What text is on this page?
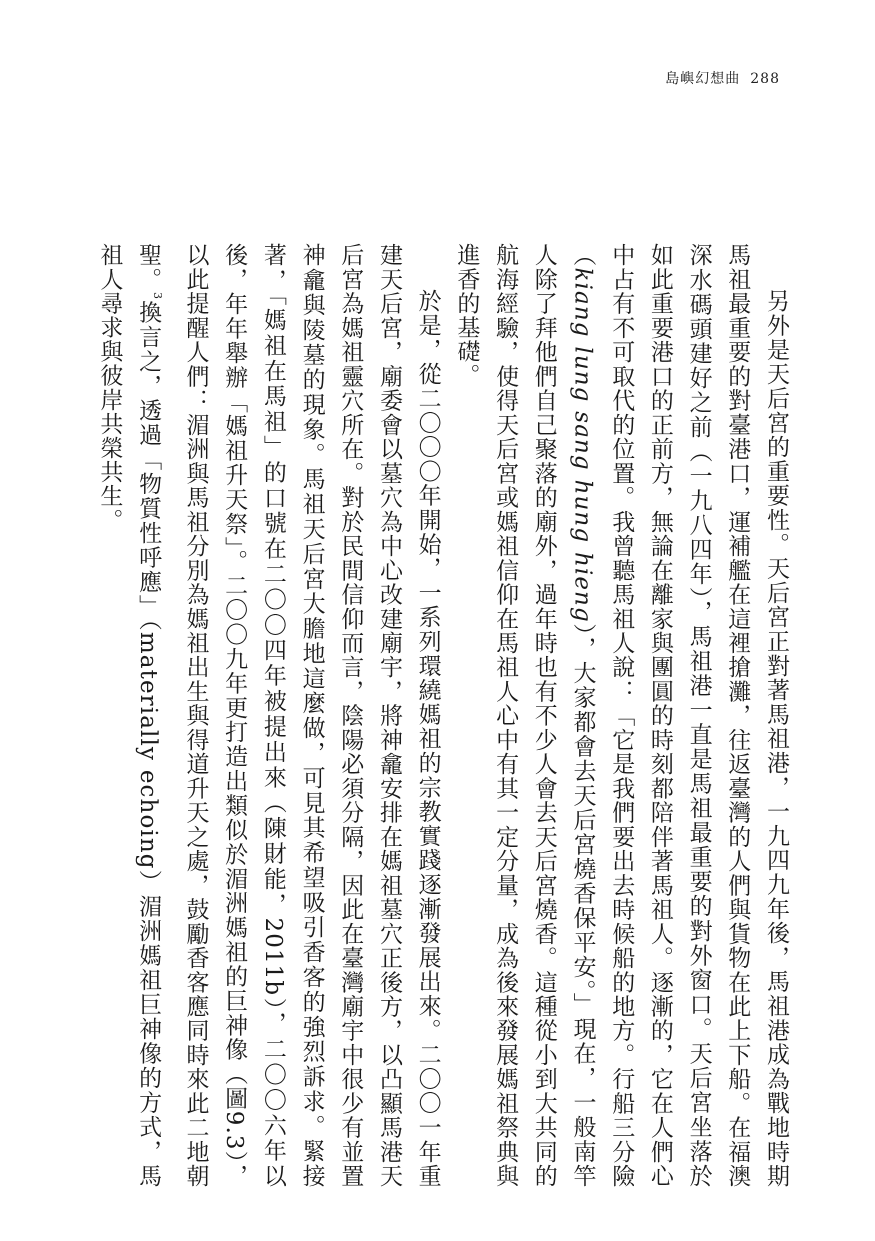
島嶼幻想曲 288

另外是天后宮的重要性。天后宮正對著馬祖港，一九四九年後，馬祖港成為戰地時期馬祖最重要的對臺港口，運補艦在這裡搶灘，往返臺灣的人們與貨物在此上下船。在福澳深水碼頭建好之前（一九八四年），馬祖港一直是馬祖最重要的對外窗口。天后宮坐落於如此重要港口的正前方，無論在離家與團圓的時刻都陪伴著馬祖人。逐漸的，它在人們心中占有不可取代的位置。我曾聽馬祖人說：「它是我們要出去時候船的地方。行船三分險（kiang lung sang hung hieng），大家都會去天后宮燒香保平安。」現在，一般南竿人除了拜他們自己聚落的廟外，過年時也有不少人會去天后宮燒香。這種從小到大共同的航海經驗，使得天后宮或媽祖信仰在馬祖人心中有其一定分量，成為後來發展媽祖祭典與進香的基礎。

於是，從二〇〇〇年開始，一系列環繞媽祖的宗教實踐逐漸發展出來。二〇〇一年重建天后宮，廟委會以墓穴為中心改建廟宇，將神龕安排在媽祖墓穴正後方，以凸顯馬港天后宮為媽祖靈穴所在。對於民間信仰而言，陰陽必須分隔，因此在臺灣廟宇中很少有並置神龕與陵墓的現象。馬祖天后宮大膽地這麼做，可見其希望吸引香客的強烈訴求。緊接著，「媽祖在馬祖」的口號在二〇〇四年被提出來（陳財能，2011b），二〇〇六年以後，年年舉辦「媽祖升天祭」。二〇〇九年更打造出類似於湄洲媽祖的巨神像（圖9.3），以此提醒人們：湄洲與馬祖分別為媽祖出生與得道升天之處，鼓勵香客應同時來此二地朝聖。$^3$換言之，透過「物質性呼應」（materially echoing）湄洲媽祖巨神像的方式，馬祖人尋求與彼岸共榮共生。
